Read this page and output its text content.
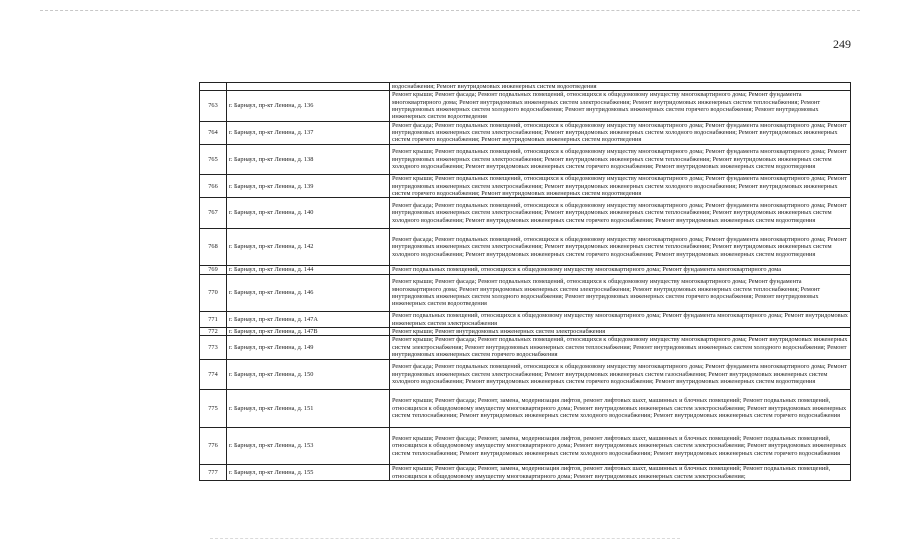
249
		водоснабжения; Ремонт внутридомовых инженерных систем водоотведения
763	г. Барнаул, пр-кт Ленина, д. 136	Ремонт крыши; Ремонт фасада; Ремонт подвальных помещений, относящихся к общедомовому имуществу многоквартирного дома; Ремонт фундамента многоквартирного дома; Ремонт внутридомовых инженерных систем электроснабжения; Ремонт внутридомовых инженерных систем теплоснабжения; Ремонт внутридомовых инженерных систем холодного водоснабжения; Ремонт внутридомовых инженерных систем горячего водоснабжения; Ремонт внутридомовых инженерных систем водоотведения
764	г. Барнаул, пр-кт Ленина, д. 137	Ремонт фасада; Ремонт подвальных помещений, относящихся к общедомовому имуществу многоквартирного дома; Ремонт фундамента многоквартирного дома; Ремонт внутридомовых инженерных систем электроснабжения; Ремонт внутридомовых инженерных систем холодного водоснабжения; Ремонт внутридомовых инженерных систем горячего водоснабжения; Ремонт внутридомовых инженерных систем водоотведения
765	г. Барнаул, пр-кт Ленина, д. 138	Ремонт крыши; Ремонт подвальных помещений, относящихся к общедомовому имуществу многоквартирного дома; Ремонт фундамента многоквартирного дома; Ремонт внутридомовых инженерных систем электроснабжения; Ремонт внутридомовых инженерных систем теплоснабжения; Ремонт внутридомовых инженерных систем холодного водоснабжения; Ремонт внутридомовых инженерных систем горячего водоснабжения; Ремонт внутридомовых инженерных систем водоотведения
766	г. Барнаул, пр-кт Ленина, д. 139	Ремонт крыши; Ремонт подвальных помещений, относящихся к общедомовому имуществу многоквартирного дома; Ремонт фундамента многоквартирного дома; Ремонт внутридомовых инженерных систем электроснабжения; Ремонт внутридомовых инженерных систем холодного водоснабжения; Ремонт внутридомовых инженерных систем горячего водоснабжения; Ремонт внутридомовых инженерных систем водоотведения
767	г. Барнаул, пр-кт Ленина, д. 140	Ремонт фасада; Ремонт подвальных помещений, относящихся к общедомовому имуществу многоквартирного дома; Ремонт фундамента многоквартирного дома; Ремонт внутридомовых инженерных систем электроснабжения; Ремонт внутридомовых инженерных систем теплоснабжения; Ремонт внутридомовых инженерных систем холодного водоснабжения; Ремонт внутридомовых инженерных систем горячего водоснабжения; Ремонт внутридомовых инженерных систем водоотведения
768	г. Барнаул, пр-кт Ленина, д. 142	Ремонт фасада; Ремонт подвальных помещений, относящихся к общедомовому имуществу многоквартирного дома; Ремонт фундамента многоквартирного дома; Ремонт внутридомовых инженерных систем электроснабжения; Ремонт внутридомовых инженерных систем теплоснабжения; Ремонт внутридомовых инженерных систем холодного водоснабжения; Ремонт внутридомовых инженерных систем горячего водоснабжения; Ремонт внутридомовых инженерных систем водоотведения
769	г. Барнаул, пр-кт Ленина, д. 144	Ремонт подвальных помещений, относящихся к общедомовому имуществу многоквартирного дома; Ремонт фундамента многоквартирного дома
770	г. Барнаул, пр-кт Ленина, д. 146	Ремонт крыши; Ремонт фасада; Ремонт подвальных помещений, относящихся к общедомовому имуществу многоквартирного дома; Ремонт фундамента многоквартирного дома; Ремонт внутридомовых инженерных систем электроснабжения; Ремонт внутридомовых инженерных систем теплоснабжения; Ремонт внутридомовых инженерных систем холодного водоснабжения; Ремонт внутридомовых инженерных систем горячего водоснабжения; Ремонт внутридомовых инженерных систем водоотведения
771	г. Барнаул, пр-кт Ленина, д. 147А	Ремонт подвальных помещений, относящихся к общедомовому имуществу многоквартирного дома; Ремонт фундамента многоквартирного дома; Ремонт внутридомовых инженерных систем электроснабжения
772	г. Барнаул, пр-кт Ленина, д. 147В	Ремонт крыши; Ремонт внутридомовых инженерных систем электроснабжения
773	г. Барнаул, пр-кт Ленина, д. 149	Ремонт крыши; Ремонт фасада; Ремонт подвальных помещений, относящихся к общедомовому имуществу многоквартирного дома; Ремонт внутридомовых инженерных систем электроснабжения; Ремонт внутридомовых инженерных систем теплоснабжения; Ремонт внутридомовых инженерных систем холодного водоснабжения; Ремонт внутридомовых инженерных систем горячего водоснабжения
774	г. Барнаул, пр-кт Ленина, д. 150	Ремонт фасада; Ремонт подвальных помещений, относящихся к общедомовому имуществу многоквартирного дома; Ремонт фундамента многоквартирного дома; Ремонт внутридомовых инженерных систем электроснабжения; Ремонт внутридомовых инженерных систем газоснабжения; Ремонт внутридомовых инженерных систем холодного водоснабжения; Ремонт внутридомовых инженерных систем горячего водоснабжения; Ремонт внутридомовых инженерных систем водоотведения
775	г. Барнаул, пр-кт Ленина, д. 151	Ремонт крыши; Ремонт фасада; Ремонт, замена, модернизация лифтов, ремонт лифтовых шахт, машинных и блочных помещений; Ремонт подвальных помещений, относящихся к общедомовому имуществу многоквартирного дома; Ремонт внутридомовых инженерных систем электроснабжения; Ремонт внутридомовых инженерных систем теплоснабжения; Ремонт внутридомовых инженерных систем холодного водоснабжения; Ремонт внутридомовых инженерных систем горячего водоснабжения
776	г. Барнаул, пр-кт Ленина, д. 153	Ремонт крыши; Ремонт фасада; Ремонт, замена, модернизация лифтов, ремонт лифтовых шахт, машинных и блочных помещений; Ремонт подвальных помещений, относящихся к общедомовому имуществу многоквартирного дома; Ремонт внутридомовых инженерных систем электроснабжения; Ремонт внутридомовых инженерных систем теплоснабжения; Ремонт внутридомовых инженерных систем холодного водоснабжения; Ремонт внутридомовых инженерных систем горячего водоснабжения
777	г. Барнаул, пр-кт Ленина, д. 155	Ремонт крыши; Ремонт фасада; Ремонт, замена, модернизация лифтов, ремонт лифтовых шахт, машинных и блочных помещений; Ремонт подвальных помещений, относящихся к общедомовому имуществу многоквартирного дома; Ремонт внутридомовых инженерных систем электроснабжения;
